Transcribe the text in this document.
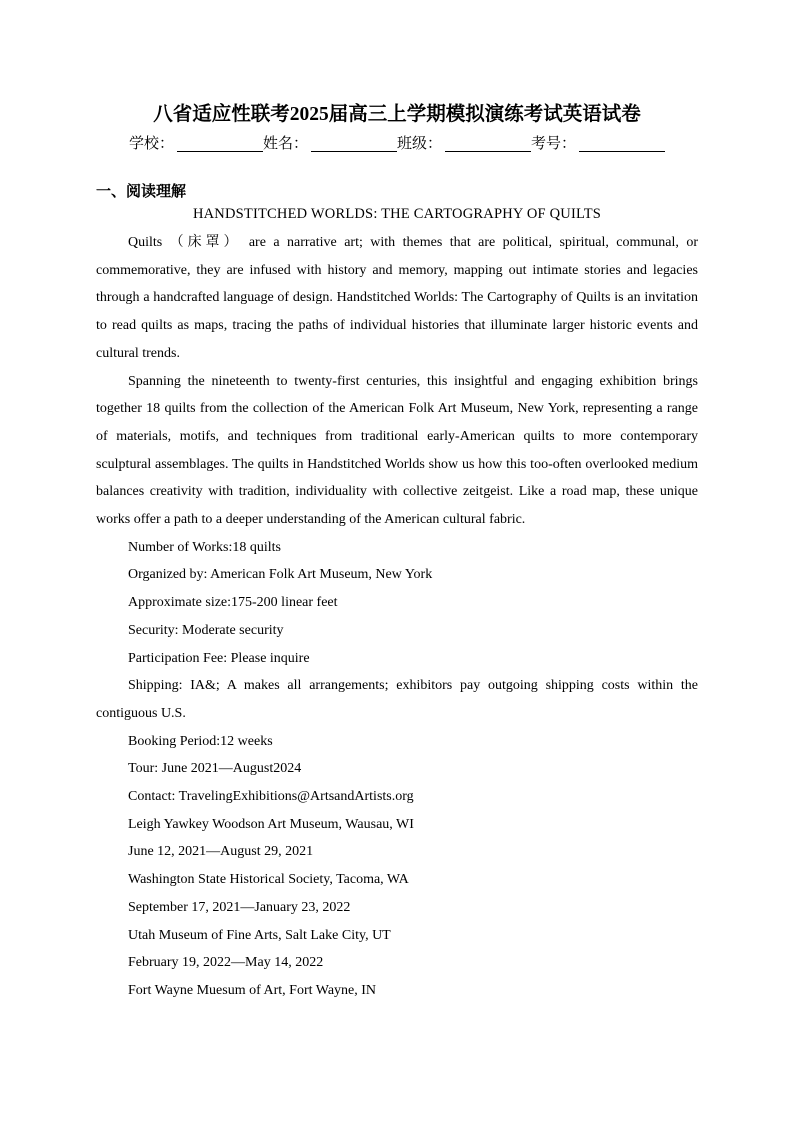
八省适应性联考2025届高三上学期模拟演练考试英语试卷
学校：	姓名：	班级：	考号：
一、阅读理解
HANDSTITCHED WORLDS: THE CARTOGRAPHY OF QUILTS

Quilts （床罩） are a narrative art; with themes that are political, spiritual, communal, or commemorative, they are infused with history and memory, mapping out intimate stories and legacies through a handcrafted language of design. Handstitched Worlds: The Cartography of Quilts is an invitation to read quilts as maps, tracing the paths of individual histories that illuminate larger historic events and cultural trends.

Spanning the nineteenth to twenty-first centuries, this insightful and engaging exhibition brings together 18 quilts from the collection of the American Folk Art Museum, New York, representing a range of materials, motifs, and techniques from traditional early-American quilts to more contemporary sculptural assemblages. The quilts in Handstitched Worlds show us how this too-often overlooked medium balances creativity with tradition, individuality with collective zeitgeist. Like a road map, these unique works offer a path to a deeper understanding of the American cultural fabric.

Number of Works:18 quilts

Organized by: American Folk Art Museum, New York

Approximate size:175-200 linear feet

Security: Moderate security

Participation Fee: Please inquire

Shipping: IA&; A makes all arrangements; exhibitors pay outgoing shipping costs within the contiguous U.S.

Booking Period:12 weeks

Tour: June 2021—August2024

Contact: TravelingExhibitions@ArtsandArtists.org

Leigh Yawkey Woodson Art Museum, Wausau, WI

June 12, 2021—August 29, 2021

Washington State Historical Society, Tacoma, WA

September 17, 2021—January 23, 2022

Utah Museum of Fine Arts, Salt Lake City, UT

February 19, 2022—May 14, 2022

Fort Wayne Muesum of Art, Fort Wayne, IN
